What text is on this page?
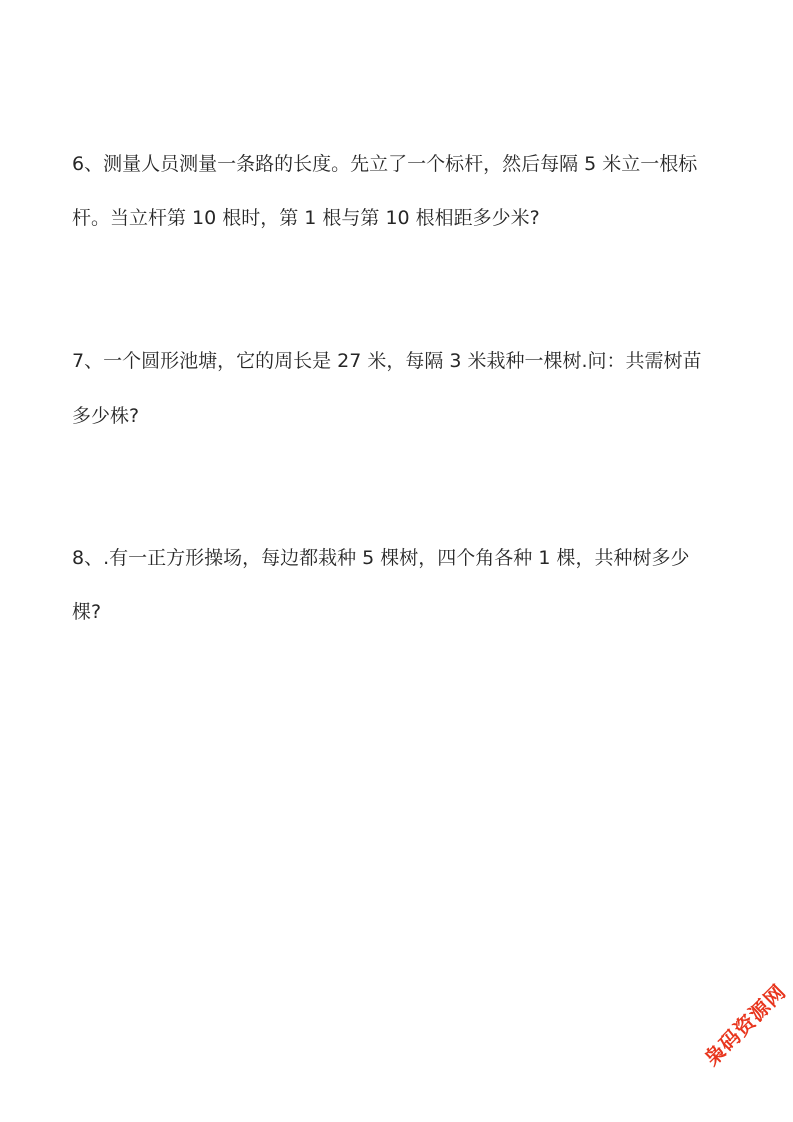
6、测量人员测量一条路的长度。先立了一个标杆，然后每隔 5 米立一根标
杆。当立杆第 10 根时，第 1 根与第 10 根相距多少米?
7、一个圆形池塘，它的周长是 27 米，每隔 3 米栽种一棵树.问：共需树苗
多少株?
8、.有一正方形操场，每边都栽种 5 棵树，四个角各种 1 棵，共种树多少
棵?
枭码资源网
